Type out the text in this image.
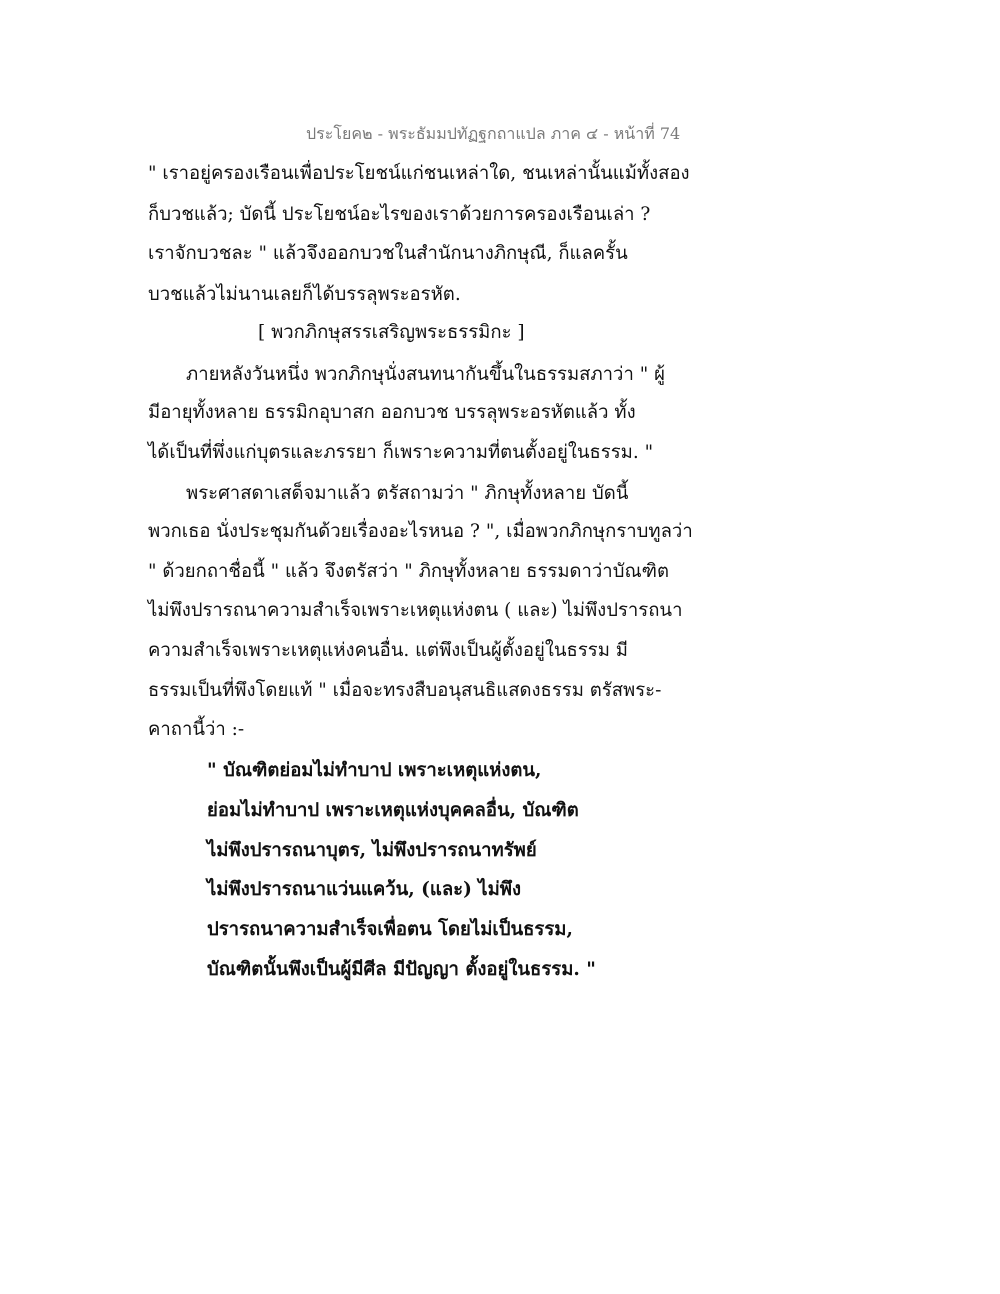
ประโยค๒ - พระธัมมปทัฏฐกถาแปล ภาค ๔ - หน้าที่ 74
" เราอยู่ครองเรือนเพื่อประโยชน์แก่ชนเหล่าใด, ชนเหล่านั้นแม้ทั้งสอง
ก็บวชแล้ว; บัดนี้ ประโยชน์อะไรของเราด้วยการครองเรือนเล่า ?
เราจักบวชละ " แล้วจึงออกบวชในสำนักนางภิกษุณี, ก็แลครั้น
บวชแล้วไม่นานเลยก็ได้บรรลุพระอรหัต.
[ พวกภิกษุสรรเสริญพระธรรมิกะ ]
ภายหลังวันหนึ่ง พวกภิกษุนั่งสนทนากันขึ้นในธรรมสภาว่า " ผู้
มีอายุทั้งหลาย ธรรมิกอุบาสก ออกบวช บรรลุพระอรหัตแล้ว ทั้ง
ได้เป็นที่พึ่งแก่บุตรและภรรยา ก็เพราะความที่ตนตั้งอยู่ในธรรม. "
พระศาสดาเสด็จมาแล้ว ตรัสถามว่า " ภิกษุทั้งหลาย บัดนี้
พวกเธอ นั่งประชุมกันด้วยเรื่องอะไรหนอ ? ", เมื่อพวกภิกษุกราบทูลว่า
" ด้วยกถาชื่อนี้ " แล้ว จึงตรัสว่า " ภิกษุทั้งหลาย ธรรมดาว่าบัณฑิต
ไม่พึงปรารถนาความสำเร็จเพราะเหตุแห่งตน ( และ) ไม่พึงปรารถนา
ความสำเร็จเพราะเหตุแห่งคนอื่น. แต่พึงเป็นผู้ตั้งอยู่ในธรรม มี
ธรรมเป็นที่พึงโดยแท้ " เมื่อจะทรงสืบอนุสนธิแสดงธรรม ตรัสพระ-
คาถานี้ว่า :-
" บัณฑิตย่อมไม่ทำบาป เพราะเหตุแห่งตน,
ย่อมไม่ทำบาป เพราะเหตุแห่งบุคคลอื่น, บัณฑิต
ไม่พึงปรารถนาบุตร, ไม่พึงปรารถนาทรัพย์
ไม่พึงปรารถนาแว่นแคว้น, (และ) ไม่พึง
ปรารถนาความสำเร็จเพื่อตน โดยไม่เป็นธรรม,
บัณฑิตนั้นพึงเป็นผู้มีศีล มีปัญญา ตั้งอยู่ในธรรม. "
